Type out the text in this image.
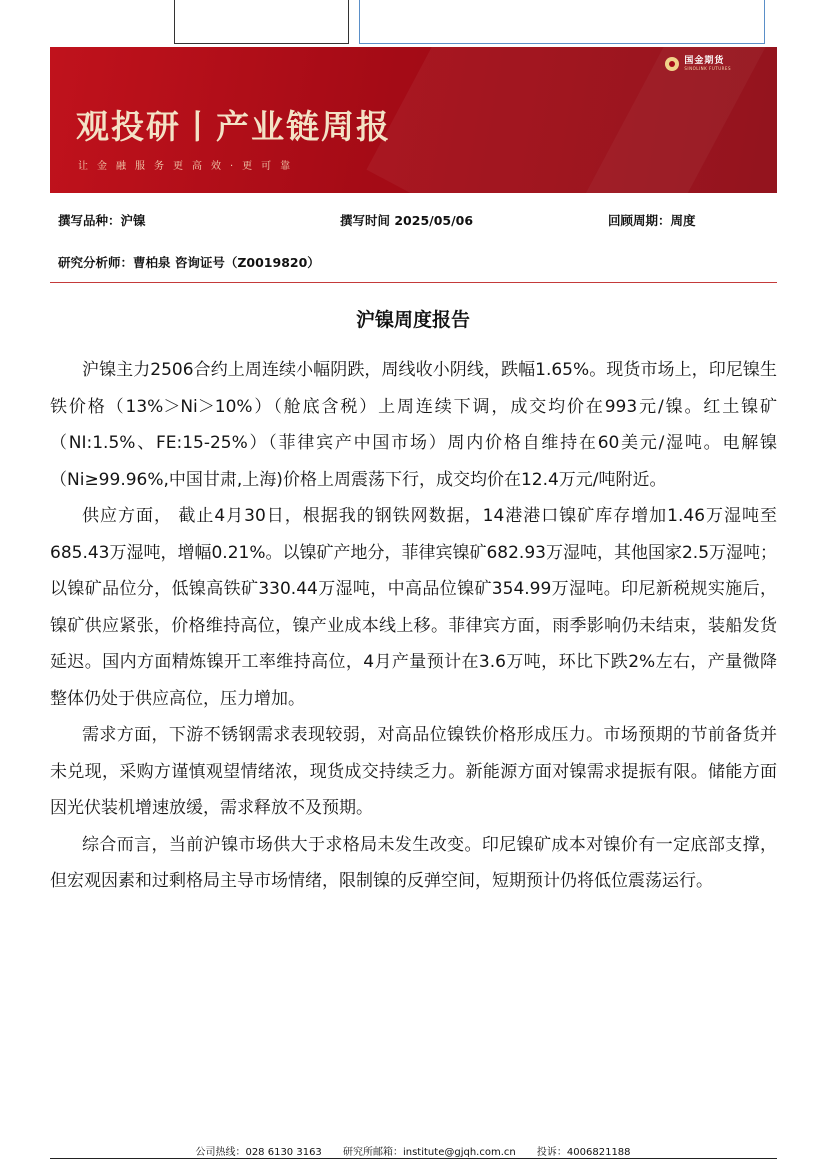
国金期货
SINOLINK FUTURES
观投研丨产业链周报
让金融服务更高效·更可靠
撰写品种：沪镍	撰写时间 2025/05/06	回顾周期：周度
研究分析师：曹柏泉 咨询证号（Z0019820）
沪镍周度报告

沪镍主力2506合约上周连续小幅阴跌，周线收小阴线，跌幅1.65%。现货市场上，印尼镍生铁价格（13%＞Ni＞10%）（舱底含税）上周连续下调，成交均价在993元/镍。红土镍矿（NI:1.5%、FE:15-25%）（菲律宾产中国市场）周内价格自维持在60美元/湿吨。电解镍（Ni≥99.96%,中国甘肃,上海)价格上周震荡下行，成交均价在12.4万元/吨附近。

供应方面， 截止4月30日，根据我的钢铁网数据，14港港口镍矿库存增加1.46万湿吨至685.43万湿吨，增幅0.21%。以镍矿产地分，菲律宾镍矿682.93万湿吨，其他国家2.5万湿吨；以镍矿品位分，低镍高铁矿330.44万湿吨，中高品位镍矿354.99万湿吨。印尼新税规实施后，镍矿供应紧张，价格维持高位，镍产业成本线上移。菲律宾方面，雨季影响仍未结束，装船发货延迟。国内方面精炼镍开工率维持高位，4月产量预计在3.6万吨，环比下跌2%左右，产量微降整体仍处于供应高位，压力增加。

需求方面，下游不锈钢需求表现较弱，对高品位镍铁价格形成压力。市场预期的节前备货并未兑现，采购方谨慎观望情绪浓，现货成交持续乏力。新能源方面对镍需求提振有限。储能方面因光伏装机增速放缓，需求释放不及预期。

综合而言，当前沪镍市场供大于求格局未发生改变。印尼镍矿成本对镍价有一定底部支撑，但宏观因素和过剩格局主导市场情绪，限制镍的反弹空间，短期预计仍将低位震荡运行。

公司热线：028 6130 3163 研究所邮箱：institute@gjqh.com.cn 投诉：4006821188
